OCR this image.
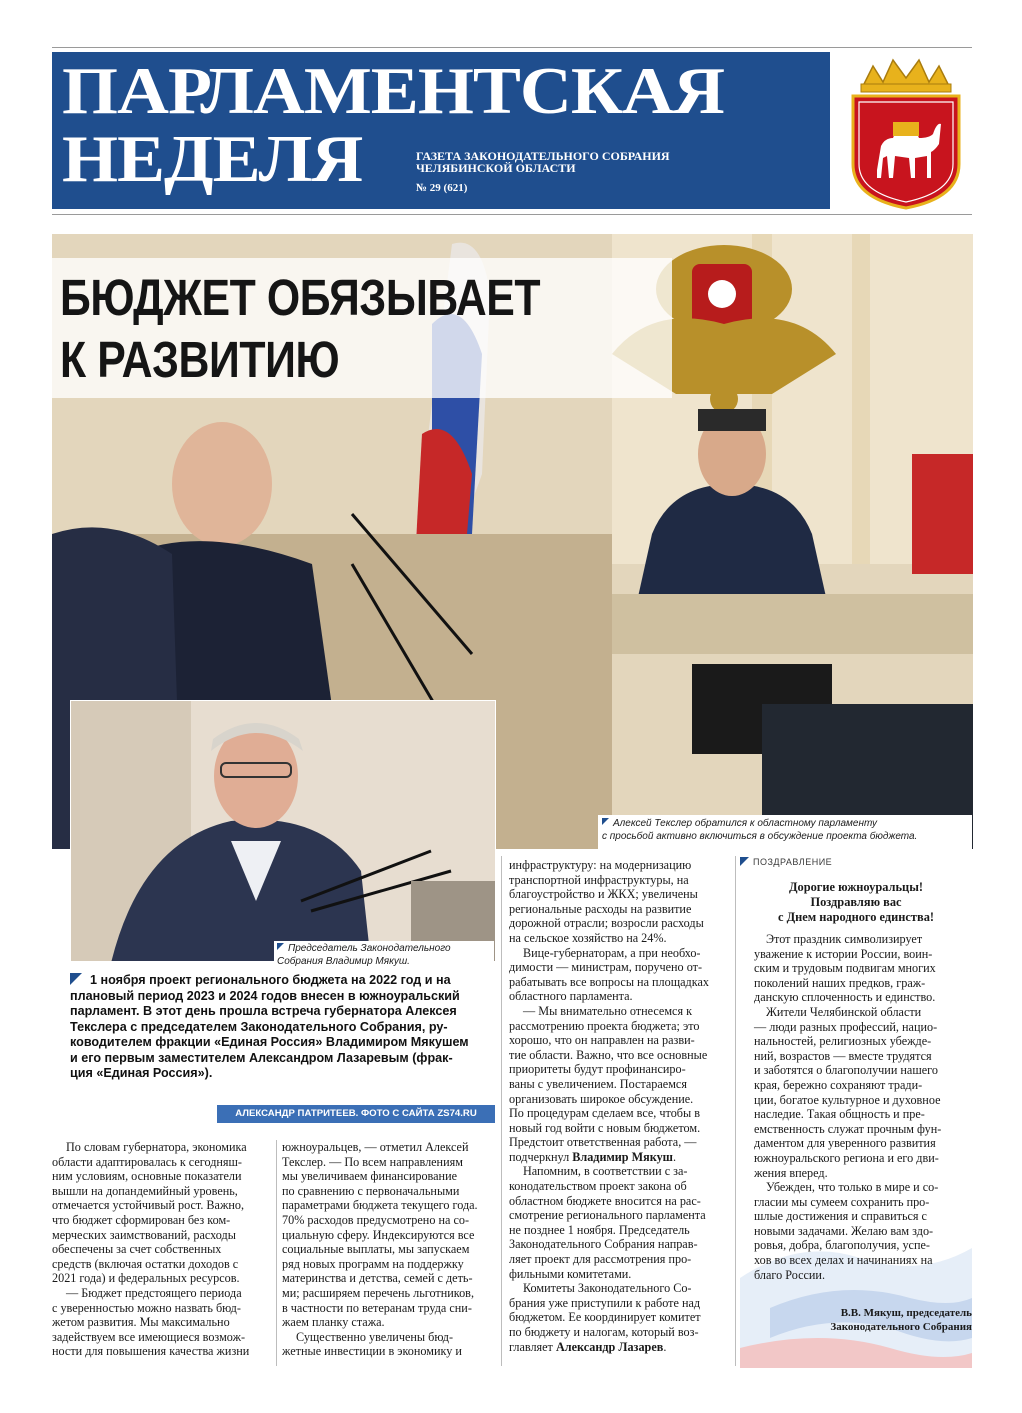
ПАРЛАМЕНТСКАЯ
НЕДЕЛЯ	ГАЗЕТА ЗАКОНОДАТЕЛЬНОГО СОБРАНИЯ
ЧЕЛЯБИНСКОЙ ОБЛАСТИ
№ 29 (621)
БЮДЖЕТ ОБЯЗЫВАЕТ
К РАЗВИТИЮ
Алексей Текслер обратился к областному парламенту
с просьбой активно включиться в обсуждение проекта бюджета.
Председатель Законодательного
Собрания Владимир Мякуш.
1 ноября проект регионального бюджета на 2022 год и на
плановый период 2023 и 2024 годов внесен в южноуральский
парламент. В этот день прошла встреча губернатора Алексея
Текслера с председателем Законодательного Собрания, ру-
ководителем фракции «Единая Россия» Владимиром Мякушем
и его первым заместителем Александром Лазаревым (фрак-
ция «Единая Россия»).
АЛЕКСАНДР ПАТРИТЕЕВ. ФОТО С САЙТА ZS74.RU
По словам губернатора, экономика
области адаптировалась к сегодняш-
ним условиям, основные показатели
вышли на допандемийный уровень,
отмечается устойчивый рост. Важно,
что бюджет сформирован без ком-
мерческих заимствований, расходы
обеспечены за счет собственных
средств (включая остатки доходов с
2021 года) и федеральных ресурсов.
— Бюджет предстоящего периода
с уверенностью можно назвать бюд-
жетом развития. Мы максимально
задействуем все имеющиеся возмож-
ности для повышения качества жизни
южноуральцев, — отметил Алексей
Текслер. — По всем направлениям
мы увеличиваем финансирование
по сравнению с первоначальными
параметрами бюджета текущего года.
70% расходов предусмотрено на со-
циальную сферу. Индексируются все
социальные выплаты, мы запускаем
ряд новых программ на поддержку
материнства и детства, семей с деть-
ми; расширяем перечень льготников,
в частности по ветеранам труда сни-
жаем планку стажа.
Существенно увеличены бюд-
жетные инвестиции в экономику и
инфраструктуру: на модернизацию
транспортной инфраструктуры, на
благоустройство и ЖКХ; увеличены
региональные расходы на развитие
дорожной отрасли; возросли расходы
на сельское хозяйство на 24%.
Вице-губернаторам, а при необхо-
димости — министрам, поручено от-
рабатывать все вопросы на площадках
областного парламента.
— Мы внимательно отнесемся к
рассмотрению проекта бюджета; это
хорошо, что он направлен на разви-
тие области. Важно, что все основные
приоритеты будут профинансиро-
ваны с увеличением. Постараемся
организовать широкое обсуждение.
По процедурам сделаем все, чтобы в
новый год войти с новым бюджетом.
Предстоит ответственная работа, —
подчеркнул Владимир Мякуш.
Напомним, в соответствии с за-
конодательством проект закона об
областном бюджете вносится на рас-
смотрение регионального парламента
не позднее 1 ноября. Председатель
Законодательного Собрания направ-
ляет проект для рассмотрения про-
фильными комитетами.
Комитеты Законодательного Со-
брания уже приступили к работе над
бюджетом. Ее координирует комитет
по бюджету и налогам, который воз-
главляет Александр Лазарев.
ПОЗДРАВЛЕНИЕ
Дорогие южноуральцы!
Поздравляю вас
с Днем народного единства!
Этот праздник символизирует
уважение к истории России, воин-
ским и трудовым подвигам многих
поколений наших предков, граж-
данскую сплоченность и единство.
Жители Челябинской области
— люди разных профессий, нацио-
нальностей, религиозных убежде-
ний, возрастов — вместе трудятся
и заботятся о благополучии нашего
края, бережно сохраняют тради-
ции, богатое культурное и духовное
наследие. Такая общность и пре-
емственность служат прочным фун-
даментом для уверенного развития
южноуральского региона и его дви-
жения вперед.
Убежден, что только в мире и со-
гласии мы сумеем сохранить про-
шлые достижения и справиться с
новыми задачами. Желаю вам здо-
ровья, добра, благополучия, успе-
хов во всех делах и начинаниях на
благо России.
В.В. Мякуш, председатель
Законодательного Собрания
